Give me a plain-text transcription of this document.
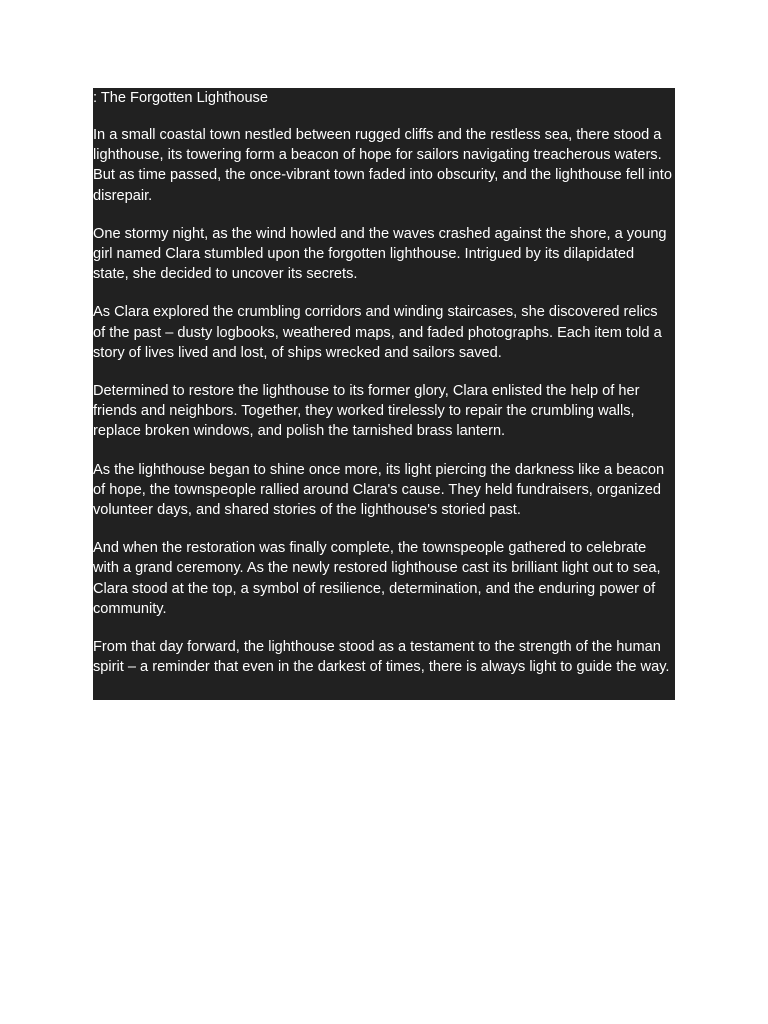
: The Forgotten Lighthouse

In a small coastal town nestled between rugged cliffs and the restless sea, there stood a lighthouse, its towering form a beacon of hope for sailors navigating treacherous waters. But as time passed, the once-vibrant town faded into obscurity, and the lighthouse fell into disrepair.

One stormy night, as the wind howled and the waves crashed against the shore, a young girl named Clara stumbled upon the forgotten lighthouse. Intrigued by its dilapidated state, she decided to uncover its secrets.

As Clara explored the crumbling corridors and winding staircases, she discovered relics of the past – dusty logbooks, weathered maps, and faded photographs. Each item told a story of lives lived and lost, of ships wrecked and sailors saved.

Determined to restore the lighthouse to its former glory, Clara enlisted the help of her friends and neighbors. Together, they worked tirelessly to repair the crumbling walls, replace broken windows, and polish the tarnished brass lantern.

As the lighthouse began to shine once more, its light piercing the darkness like a beacon of hope, the townspeople rallied around Clara's cause. They held fundraisers, organized volunteer days, and shared stories of the lighthouse's storied past.

And when the restoration was finally complete, the townspeople gathered to celebrate with a grand ceremony. As the newly restored lighthouse cast its brilliant light out to sea, Clara stood at the top, a symbol of resilience, determination, and the enduring power of community.

From that day forward, the lighthouse stood as a testament to the strength of the human spirit – a reminder that even in the darkest of times, there is always light to guide the way.
